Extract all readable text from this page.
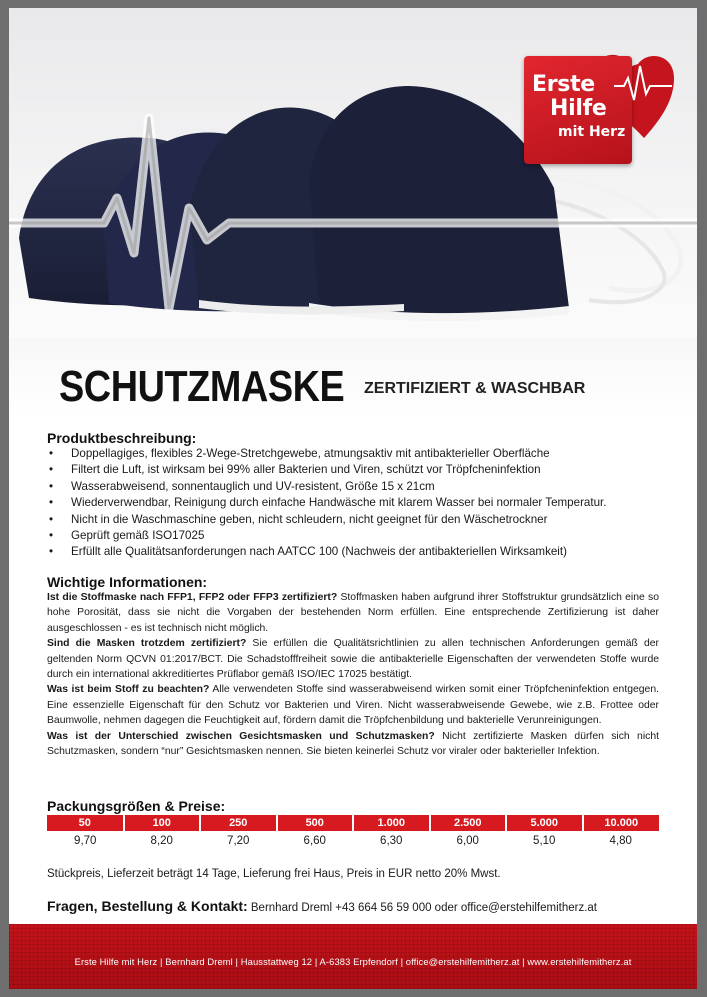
Erste
Hilfe
mit Herz
SCHUTZMASKE ZERTIFIZIERT & WASCHBAR
Produktbeschreibung:
• Doppellagiges, flexibles 2-Wege-Stretchgewebe, atmungsaktiv mit antibakterieller Oberfläche
• Filtert die Luft, ist wirksam bei 99% aller Bakterien und Viren, schützt vor Tröpfcheninfektion
• Wasserabweisend, sonnentauglich und UV-resistent, Größe 15 x 21cm
• Wiederverwendbar, Reinigung durch einfache Handwäsche mit klarem Wasser bei normaler Temperatur.
• Nicht in die Waschmaschine geben, nicht schleudern, nicht geeignet für den Wäschetrockner
• Geprüft gemäß ISO17025
• Erfüllt alle Qualitätsanforderungen nach AATCC 100 (Nachweis der antibakteriellen Wirksamkeit)
Wichtige Informationen:
Ist die Stoffmaske nach FFP1, FFP2 oder FFP3 zertifiziert? Stoffmasken haben aufgrund ihrer Stoffstruktur grundsätzlich eine so hohe Porosität, dass sie nicht die Vorgaben der bestehenden Norm erfüllen. Eine entsprechende Zertifizierung ist daher ausgeschlossen - es ist technisch nicht möglich.
Sind die Masken trotzdem zertifiziert? Sie erfüllen die Qualitätsrichtlinien zu allen technischen Anforderungen gemäß der geltenden Norm QCVN 01:2017/BCT. Die Schadstofffreiheit sowie die antibakterielle Eigenschaften der verwendeten Stoffe wurde durch ein international akkreditiertes Prüflabor gemäß ISO/IEC 17025 bestätigt.
Was ist beim Stoff zu beachten? Alle verwendeten Stoffe sind wasserabweisend wirken somit einer Tröpfcheninfektion entgegen. Eine essenzielle Eigenschaft für den Schutz vor Bakterien und Viren. Nicht wasserabweisende Gewebe, wie z.B. Frottee oder Baumwolle, nehmen dagegen die Feuchtigkeit auf, fördern damit die Tröpfchenbildung und bakterielle Verunreinigungen.
Was ist der Unterschied zwischen Gesichtsmasken und Schutzmasken? Nicht zertifizierte Masken dürfen sich nicht Schutzmasken, sondern “nur” Gesichtsmasken nennen. Sie bieten keinerlei Schutz vor viraler oder bakterieller Infektion.
Packungsgrößen & Preise:
50	100	250	500	1.000	2.500	5.000	10.000
9,70	8,20	7,20	6,60	6,30	6,00	5,10	4,80
Stückpreis, Lieferzeit beträgt 14 Tage, Lieferung frei Haus, Preis in EUR netto 20% Mwst.
Fragen, Bestellung & Kontakt: Bernhard Dreml +43 664 56 59 000 oder office@erstehilfemitherz.at
Erste Hilfe mit Herz | Bernhard Dreml | Hausstattweg 12 | A-6383 Erpfendorf | office@erstehilfemitherz.at | www.erstehilfemitherz.at
